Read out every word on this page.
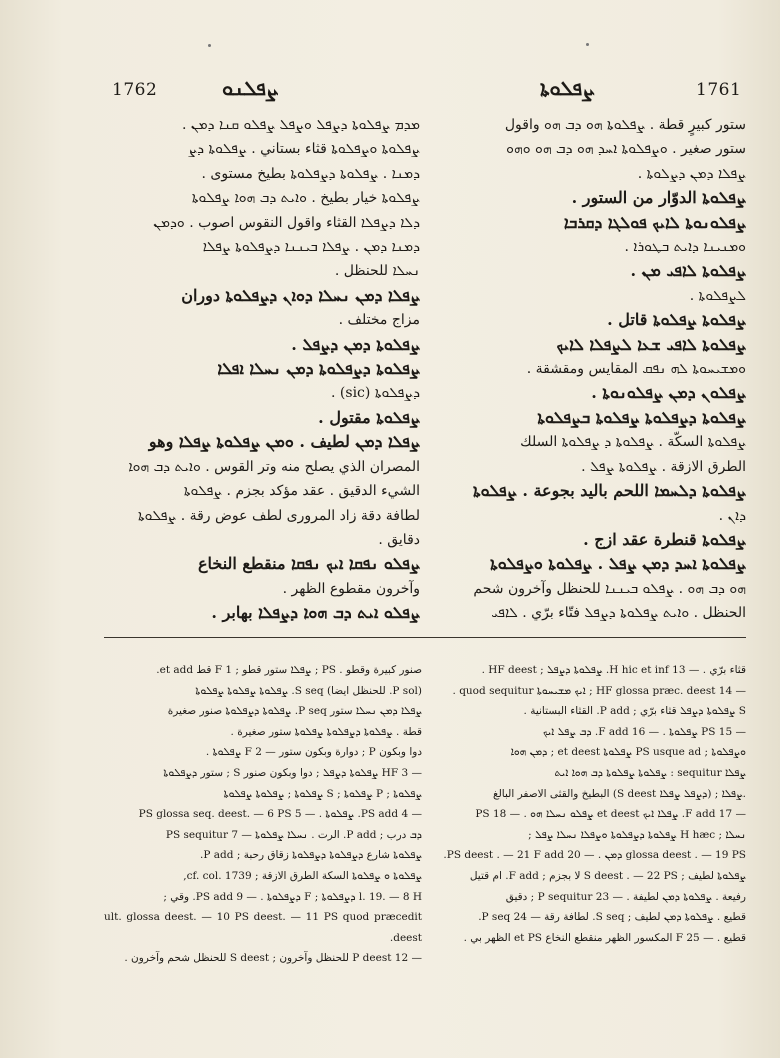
1762	ܨܦܠܢܘ	ܨܦܠܘܬܐ	1761

ستور كبيرٍ قطة . ܨܦܠܘܬܐ ܗܘ ܕܒ ܗܘ واقول

ستور صغير . ܘܨܦܠܘܬܐ ܐܚܕ ܗܘ ܕܒ ܗܘ ܘܗܘ

ܨܦܠܐ ܕܡܢ ܕܨܠܘܬܐ .

ܨܦܠܘܬܐ الدوّار من الستور .

ܨܦܠܘܢܘܬܐ ܠܐܝܟ ܦܘܠܓܐ ܕܩܪܒܐ

ܘܡܢܝܢܐ ܕܐܝܬ ܒܛܘܪܐ .

ܨܦܠܘܬܐ ܠܐܦܝ ܡܢ .

ܠܨܦܠܘܬܐ .

ܨܦܠܘܬܐ ܨܦܠܘܬܐ قاتل .

ܨܦܠܘܬܐ ܠܐܦܝ ܫܥܐ ܠܨܦܠܐ ܠܐܝܟ

ܘܡܫܝܚܘܬܐ ܠܗ ܢܦܩ المقايس ومقشقة .

ܨܦܠܘܢ ܕܡܢ ܨܦܠܘܢܘܬܐ .

ܨܦܠܘܬܐ ܕܨܦܠܘܬܐ ܨܦܠܘܬܐ ܒܨܦܠܘܬܐ

ܨܦܠܘܬܐ السكّة . ܨܦܠܘܬܐ ܕ ܨܦܠܘܬܐ السلك

الطرق الازقة . ܨܦܠܘܬܐ ܨܦܠ .

ܨܦܠܘܬܐ ܕܠܚܡܐ اللحم باليد بجوعة . ܨܦܠܘܬܐ

ܕܐܢ .

ܨܦܠܘܬܐ قنطرة عقد ازج .

ܨܦܠܘܬܐ ܐܚܕ ܕܡܢ ܨܦܠ . ܨܦܠܘܬܐ ܘܨܦܠܘܬܐ

ܗܘ ܕܒ ܗܘ . ܨܦܠܘ ܒܝܢܢܐ للحنظل وآخرون شحم

الحنظل . ܘܐܝܬ ܨܦܠܘܬܐ ܕܨܦܠ فتّاء برّي . ܠܐܦܝ

ܡܕܡ ܨܦܠܘܬܐ ܕܨܦܠ ܘܨܦܠ ܨܦܠܘ ܩܢܐ ܕܡܢ .

ܨܦܠܘܬܐ ܘܨܦܠܘܬܐ قثاء بستاني . ܨܦܠܘܬܐ ܕܨ

ܕܡܢܐ . ܨܦܠܘܬܐ ܕܨܦܠܘܬܐ بطيخ مستوى .

ܨܦܠܘܬܐ خيار بطيخ . ܘܐܝܬ ܕܒ ܗܘܐ ܨܦܠܘܬܐ

ܕܠܐ ܕܨܦܠܐ القثاء واقول النقوس اصوب . ܘܕܡܢ

ܕܡܢܐ ܕܡܢ . ܨܦܠܐ ܒܝܢܢܐ ܕܨܦܠܘܬܐ ܨܦܠܐ

ܢܚܠܐ للحنظل .

ܨܦܠܐ ܕܡܢ ܢܚܠܐ ܕܘܐܢ ܕܨܦܠܘܬܐ دوران

مزاج مختلف .

ܨܦܠܘܬܐ ܕܡܢ ܕܨܦܠ .

ܨܦܠܘܬܐ ܕܨܦܠܘܬܐ ܕܡܢ ܢܚܠܐ ܐܦܠܐ

ܕܨܦܠܘܬܐ (sic) .

ܨܦܠܘܬܐ مقتول .

ܨܦܠܐ ܕܡܢ لطيف . ܘܡܢ ܨܦܠܘܬܐ ܨܦܠܐ وهو

المصران الذي يصلح منه وتر القوس . ܘܐܝܬ ܕܒ ܗܘܐ

الشيء الدقيق . عقد مؤكد بجزم . ܨܦܠܘܬܐ

لطافة دقة زاد المرورى لطف عوض رقة . ܨܦܠܘܬܐ

دقايق .

ܨܦܠܘ ܢܦܩܐ ܐܝܟ ܢܦܩܐ منقطع النخاع

وآخرون مقطوع الظهر .

ܨܦܠܘ ܐܝܬ ܕܒ ܗܘܐ ܕܨܦܠܐ بهابر .

قثاء برّي . — 13 H hic et inf. ܨܦܠܘܬܐ ܕܨܦܠ ; HF deest .

— 14 HF glossa præc. deest ; ܐܝܟ ܡܫܝܚܘܬܐ quod sequitur .

S ܨܦܠܘܬܐ ܕܨܦܠ قثاء برّي ; P add. القثاء البستانية .

— 15 PS ܨܦܠܘܬܐ . — 16 F add. ܕܒ ܨܦܠ ܐܝܟ

ܘܨܦܠܘܬܐ ; PS usque ad ܨܦܠܘܬܐ et deest ; ܕܡܢ ܗܘܐ

ܨܦܠܐ sequitur : ܨܦܠܘܬܐ ܨܦܠܘܬܐ ܕܒ ܗܘܐ ܐܝܬ

.ܨܦܠܐ ; (ܕܨܦܠ ܨܦܠܐ S deest) البطيخ والقثى الاصفر البالغ

— 17 F add. ܨܦܠܐ ܐܝܟ et deest ܨܦܠܘ ܢܚܠܐ ܗܘ . — 18 PS

ܢܚܠܐ ; H hæc ܨܦܠܘܬܐ ܕܨܦܠܘܬܐ ܘܨܦܠܐ ܢܚܠܐ ܨܦܠ ;

glossa deest . — 19 PS ܕܡܢ . — 20 PS deest . — 21 F add.

ܨܦܠܘܬܐ لطيف ; S deest . — 22 PS لا بجزم ; F add. ام قتيل

رفيعة . ܨܦܠܘܬܐ ܕܡܢ لطيفة . — 23 P sequitur ; دقيق

قطيع . ܨܦܠܘܬܐ ܕܡܢ لطيف ; S seq. لطافة رقة — 24 P seq.

قطيع . — 25 F المكسور الظهر منقطع النخاع et PS الظهر بي .

صنور كبيرة وقطو . PS ; ܨܦܠܐ ستور قطو ; 1 F قط et add.

(P sol. للحنظل ايضا) S seq. ܨܦܠܘܬܐ ܨܦܠܘܬܐ ܨܦܠܘܬܐ

ܨܦܠܐ ܕܡܢ ܢܚܠܐ ستور P seq. ܨܦܠܘܬܐ ܕܨܦܠܘܬܐ صنور صغيرة

قطة . ܨܦܠܘܬܐ ܕܨܦܠܘܬܐ ܨܦܠܘܬܐ ستور صغيرة .

دوا وبكون P ; دوارة وبكون ستور — 2 F ܨܦܠܘܬܐ .

— 3 HF ܨܦܠܘܬܐ ܕܨܦܠ ; دوا وبكون صنور S ; ستور ܕܨܦܠܘܬܐ

ܨܦܠܘܬܐ ; P ܨܦܠܘܬܐ ; S ܨܦܠܘܬܐ ; ܨܦܠܘܬܐ ܨܦܠܘܬܐ

— 4 PS add. ܨܦܠܘܬܐ . — 5 PS glossa seq. deest. — 6 PS

ܕܒ درب ; P add. الرت . ܢܚܠܐ ܨܦܠܘܬܐ — 7 PS sequitur

ܨܦܠܘܬܐ شارع ܕܨܦܠܘܬܐ ܕܨܦܠܘܬܐ زقاق رحبة ; P add.

ܨܦܠܘܬܐ ܘ ܨܦܠܘܬܐ السكة الطرق الازقة ; cf. col. 1739,

l. 19. — 8 H ܕܨܦܠܘܬܐ ; F ܕܨܦܠܘܬܐ . — 9 PS add. وقي ;

ult. glossa deest. — 10 PS deest. — 11 PS quod præcedit deest.

— 12 P deest للحنظل وآخرون ; S deest للحنظل شحم وآخرون .
